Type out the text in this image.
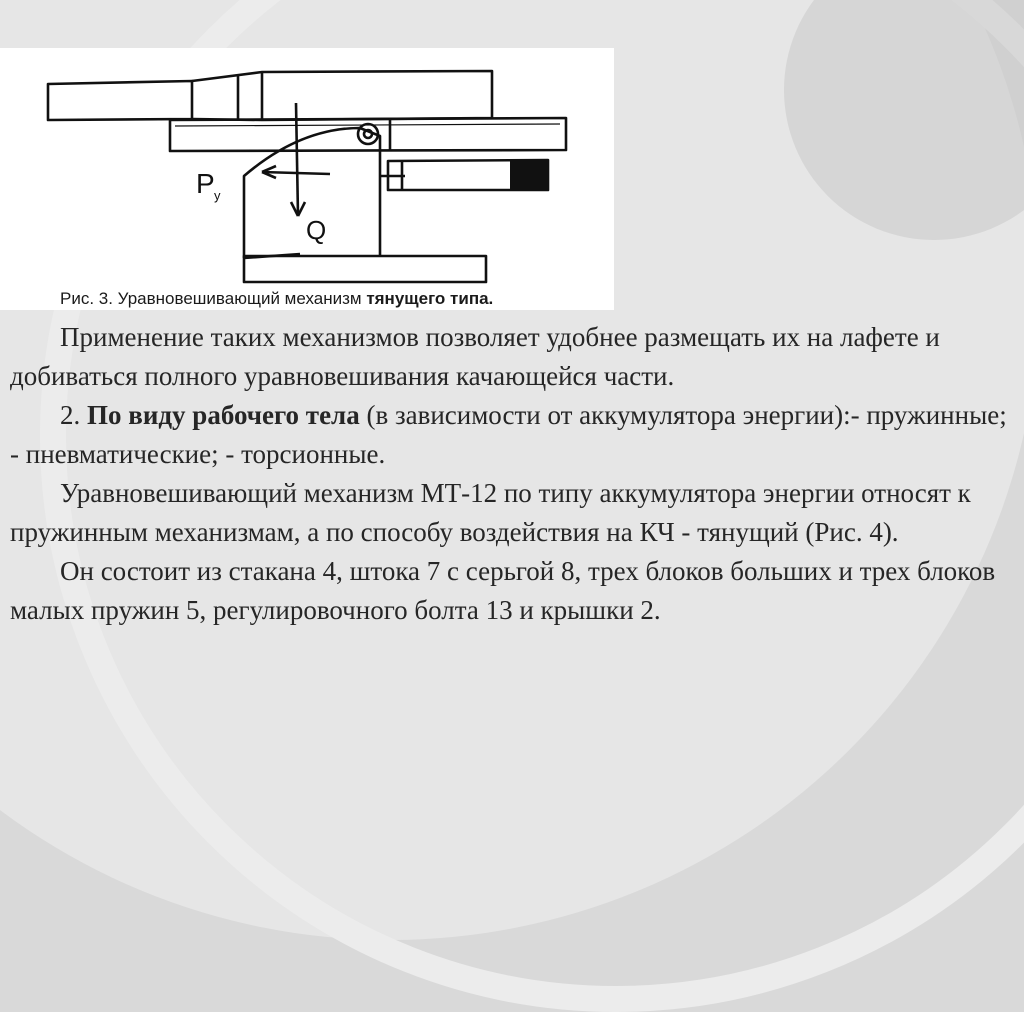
P у
Q
Рис. 3. Уравновешивающий механизм тянущего типа.

Применение таких механизмов позволяет удобнее размещать их на лафете и добиваться полного уравновешивания качающейся части.

2. По виду рабочего тела (в зависимости от аккумулятора энергии):- пружинные; - пневматические; - торсионные.

Уравновешивающий механизм МТ-12 по типу аккумулятора энергии относят к пружинным механизмам, а по способу воздействия на КЧ - тянущий (Рис. 4).

Он состоит из стакана 4, штока 7 с серьгой 8, трех блоков больших и трех блоков малых пружин 5, регулировочного болта 13 и крышки 2.
